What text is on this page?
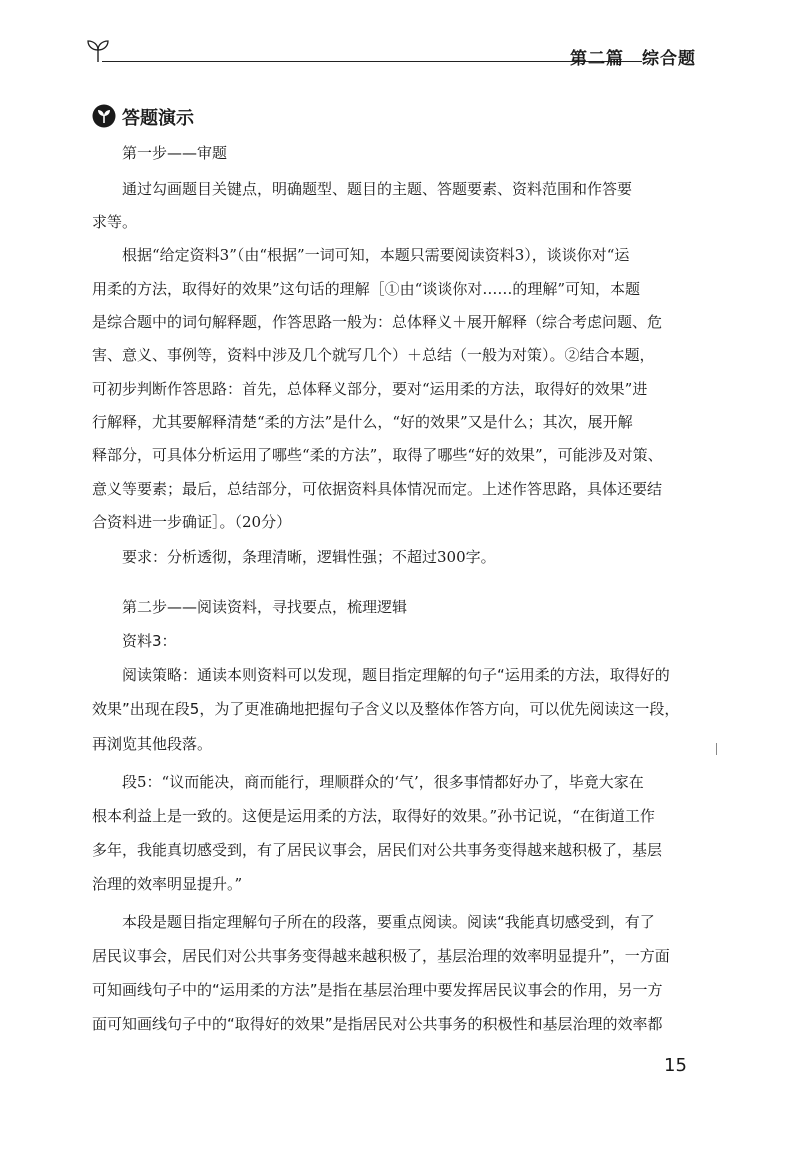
第二篇　综合题
答题演示
第一步——审题
通过勾画题目关键点，明确题型、题目的主题、答题要素、资料范围和作答要
求等。
根据“给定资料3”（由“根据”一词可知，本题只需要阅读资料3），谈谈你对“运
用柔的方法，取得好的效果”这句话的理解［①由“谈谈你对……的理解”可知，本题
是综合题中的词句解释题，作答思路一般为：总体释义＋展开解释（综合考虑问题、危
害、意义、事例等，资料中涉及几个就写几个）＋总结（一般为对策）。②结合本题，
可初步判断作答思路：首先，总体释义部分，要对“运用柔的方法，取得好的效果”进
行解释，尤其要解释清楚“柔的方法”是什么，“好的效果”又是什么；其次，展开解
释部分，可具体分析运用了哪些“柔的方法”，取得了哪些“好的效果”，可能涉及对策、
意义等要素；最后，总结部分，可依据资料具体情况而定。上述作答思路，具体还要结
合资料进一步确证］。（20分）
要求：分析透彻，条理清晰，逻辑性强；不超过300字。
第二步——阅读资料，寻找要点，梳理逻辑
资料3：
阅读策略：通读本则资料可以发现，题目指定理解的句子“运用柔的方法，取得好的
效果”出现在段5，为了更准确地把握句子含义以及整体作答方向，可以优先阅读这一段，
再浏览其他段落。
段5：“议而能决，商而能行，理顺群众的‘气’，很多事情都好办了，毕竟大家在
根本利益上是一致的。这便是运用柔的方法，取得好的效果。”孙书记说，“在街道工作
多年，我能真切感受到，有了居民议事会，居民们对公共事务变得越来越积极了，基层
治理的效率明显提升。”
本段是题目指定理解句子所在的段落，要重点阅读。阅读“我能真切感受到，有了
居民议事会，居民们对公共事务变得越来越积极了，基层治理的效率明显提升”，一方面
可知画线句子中的“运用柔的方法”是指在基层治理中要发挥居民议事会的作用，另一方
面可知画线句子中的“取得好的效果”是指居民对公共事务的积极性和基层治理的效率都
15
